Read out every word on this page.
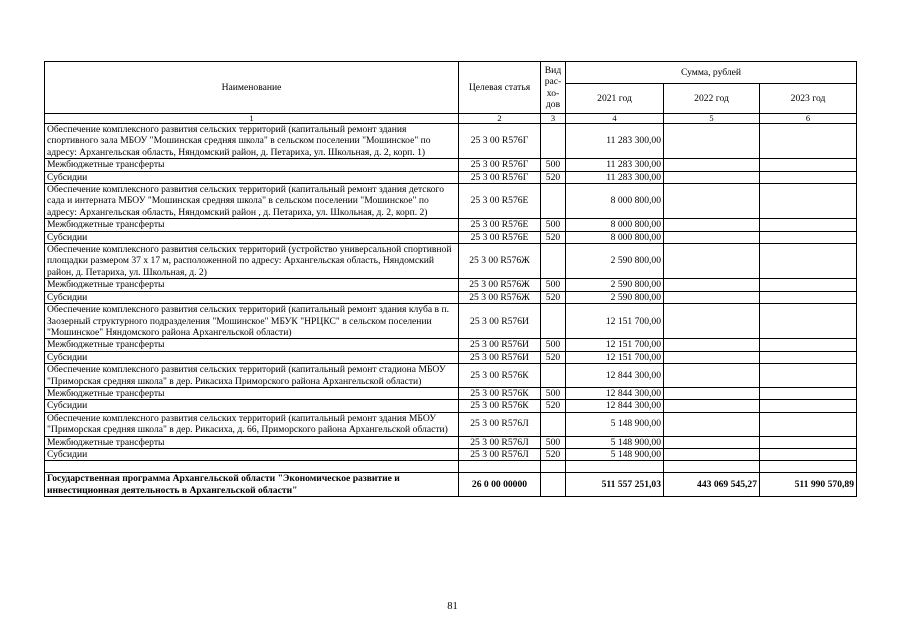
Наименование	Целевая статья	Вид рас-хо-дов	Сумма, рублей		
			2021 год	2022 год	2023 год
1	2	3	4	5	6
Обеспечение комплексного развития сельских территорий (капитальный ремонт здания спортивного зала МБОУ "Мошинская средняя школа" в сельском поселении "Мошинское" по адресу: Архангельская область, Няндомский район, д. Петариха, ул. Школьная, д. 2, корп. 1)	25 3 00 R576Г		11 283 300,00		
Межбюджетные трансферты	25 3 00 R576Г	500	11 283 300,00		
Субсидии	25 3 00 R576Г	520	11 283 300,00		
Обеспечение комплексного развития сельских территорий (капитальный ремонт здания детского сада и интерната МБОУ "Мошинская средняя школа" в сельском поселении "Мошинское" по адресу: Архангельская область, Няндомский район , д. Петариха, ул. Школьная, д. 2, корп. 2)	25 3 00 R576Е		8 000 800,00		
Межбюджетные трансферты	25 3 00 R576Е	500	8 000 800,00		
Субсидии	25 3 00 R576Е	520	8 000 800,00		
Обеспечение комплексного развития сельских территорий (устройство универсальной спортивной площадки размером 37 х 17 м, расположенной по адресу: Архангельская область, Няндомский район, д. Петариха, ул. Школьная, д. 2)	25 3 00 R576Ж		2 590 800,00		
Межбюджетные трансферты	25 3 00 R576Ж	500	2 590 800,00		
Субсидии	25 3 00 R576Ж	520	2 590 800,00		
Обеспечение комплексного развития сельских территорий (капитальный ремонт здания клуба в п. Заозерный структурного подразделения "Мошинское" МБУК "НРЦКС" в сельском поселении "Мошинское" Няндомского района Архангельской области)	25 3 00 R576И		12 151 700,00		
Межбюджетные трансферты	25 3 00 R576И	500	12 151 700,00		
Субсидии	25 3 00 R576И	520	12 151 700,00		
Обеспечение комплексного развития сельских территорий (капитальный ремонт стадиона МБОУ "Приморская средняя школа" в дер. Рикасиха Приморского района Архангельской области)	25 3 00 R576К		12 844 300,00		
Межбюджетные трансферты	25 3 00 R576К	500	12 844 300,00		
Субсидии	25 3 00 R576К	520	12 844 300,00		
Обеспечение комплексного развития сельских территорий (капитальный ремонт здания МБОУ "Приморская средняя школа" в дер. Рикасиха, д. 66, Приморского района Архангельской области)	25 3 00 R576Л		5 148 900,00		
Межбюджетные трансферты	25 3 00 R576Л	500	5 148 900,00		
Субсидии	25 3 00 R576Л	520	5 148 900,00		

Государственная программа Архангельской области "Экономическое развитие и инвестиционная деятельность в Архангельской области"	26 0 00 00000		511 557 251,03	443 069 545,27	511 990 570,89
81
